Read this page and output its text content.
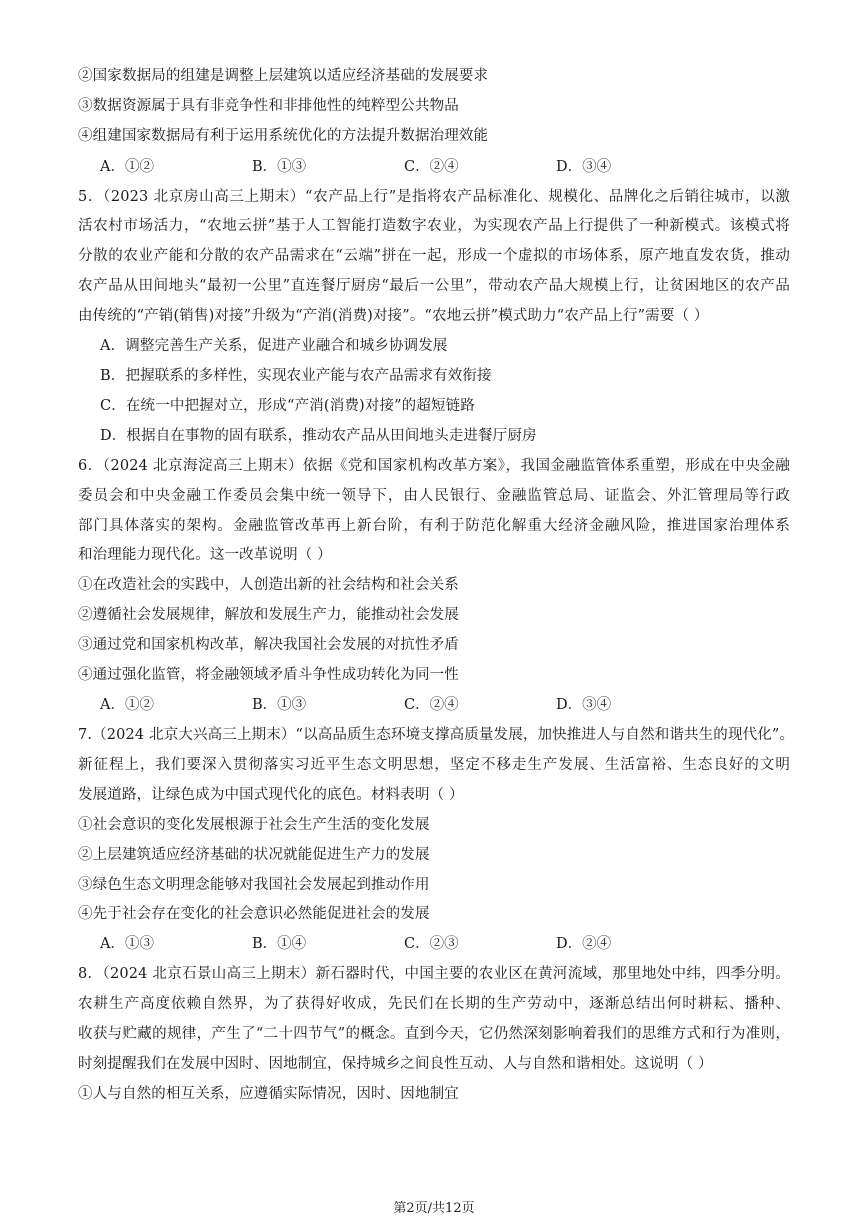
②国家数据局的组建是调整上层建筑以适应经济基础的发展要求
③数据资源属于具有非竞争性和非排他性的纯粹型公共物品
④组建国家数据局有利于运用系统优化的方法提升数据治理效能
A．①②	B．①③	C．②④	D．③④
5．（2023 北京房山高三上期末）“农产品上行”是指将农产品标准化、规模化、品牌化之后销往城市，以激
活农村市场活力，“农地云拼”基于人工智能打造数字农业，为实现农产品上行提供了一种新模式。该模式将
分散的农业产能和分散的农产品需求在“云端”拼在一起，形成一个虚拟的市场体系，原产地直发农货，推动
农产品从田间地头“最初一公里”直连餐厅厨房“最后一公里”，带动农产品大规模上行，让贫困地区的农产品
由传统的“产销(销售)对接”升级为“产消(消费)对接”。“农地云拼”模式助力“农产品上行”需要（ ）
A．调整完善生产关系，促进产业融合和城乡协调发展
B．把握联系的多样性，实现农业产能与农产品需求有效衔接
C．在统一中把握对立，形成“产消(消费)对接”的超短链路
D．根据自在事物的固有联系，推动农产品从田间地头走进餐厅厨房
6．（2024 北京海淀高三上期末）依据《党和国家机构改革方案》，我国金融监管体系重塑，形成在中央金融
委员会和中央金融工作委员会集中统一领导下，由人民银行、金融监管总局、证监会、外汇管理局等行政
部门具体落实的架构。金融监管改革再上新台阶，有利于防范化解重大经济金融风险，推进国家治理体系
和治理能力现代化。这一改革说明（ ）
①在改造社会的实践中，人创造出新的社会结构和社会关系
②遵循社会发展规律，解放和发展生产力，能推动社会发展
③通过党和国家机构改革，解决我国社会发展的对抗性矛盾
④通过强化监管，将金融领域矛盾斗争性成功转化为同一性
A．①②	B．①③	C．②④	D．③④
7.（2024 北京大兴高三上期末）“以高品质生态环境支撑高质量发展，加快推进人与自然和谐共生的现代化”。
新征程上，我们要深入贯彻落实习近平生态文明思想，坚定不移走生产发展、生活富裕、生态良好的文明
发展道路，让绿色成为中国式现代化的底色。材料表明（ ）
①社会意识的变化发展根源于社会生产生活的变化发展
②上层建筑适应经济基础的状况就能促进生产力的发展
③绿色生态文明理念能够对我国社会发展起到推动作用
④先于社会存在变化的社会意识必然能促进社会的发展
A．①③	B．①④	C．②③	D．②④
8．（2024 北京石景山高三上期末）新石器时代，中国主要的农业区在黄河流域，那里地处中纬，四季分明。
农耕生产高度依赖自然界，为了获得好收成，先民们在长期的生产劳动中，逐渐总结出何时耕耘、播种、
收获与贮藏的规律，产生了“二十四节气”的概念。直到今天，它仍然深刻影响着我们的思维方式和行为准则，
时刻提醒我们在发展中因时、因地制宜，保持城乡之间良性互动、人与自然和谐相处。这说明（ ）
①人与自然的相互关系，应遵循实际情况，因时、因地制宜
第2页/共12页
